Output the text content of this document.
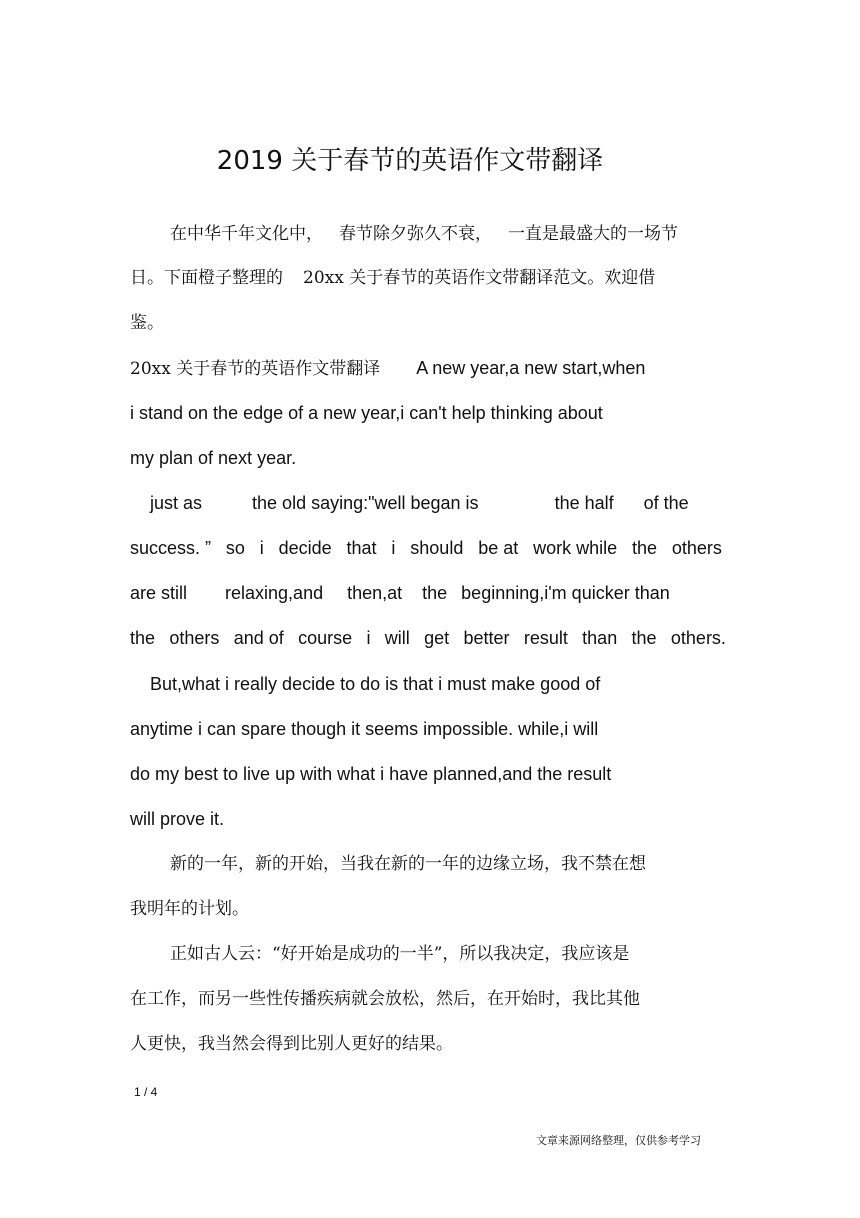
2019 关于春节的英语作文带翻译
在中华千年文化中， 春节除夕弥久不衰， 一直是最盛大的一场节
日。下面橙子整理的 20xx 关于春节的英语作文带翻译范文。欢迎借
鉴。
20xx 关于春节的英语作文带翻译 A new year,a new start,when
i stand on the edge of a new year,i can't help thinking about
my plan of next year.
just as	the old saying:"well began is	the half of the
success. ” so i decide that i should be at work while the others
are still relaxing,and then,at the beginning,i'm quicker than
the others and of course i will get better result than the others.
But,what i really decide to do is that i must make good of
anytime i can spare though it seems impossible. while,i will
do my best to live up with what i have planned,and the result
will prove it.
新的一年，新的开始，当我在新的一年的边缘立场，我不禁在想
我明年的计划。
正如古人云：“好开始是成功的一半”，所以我决定，我应该是
在工作，而另一些性传播疾病就会放松，然后，在开始时，我比其他
人更快，我当然会得到比别人更好的结果。
1 / 4
文章来源网络整理，仅供参考学习
